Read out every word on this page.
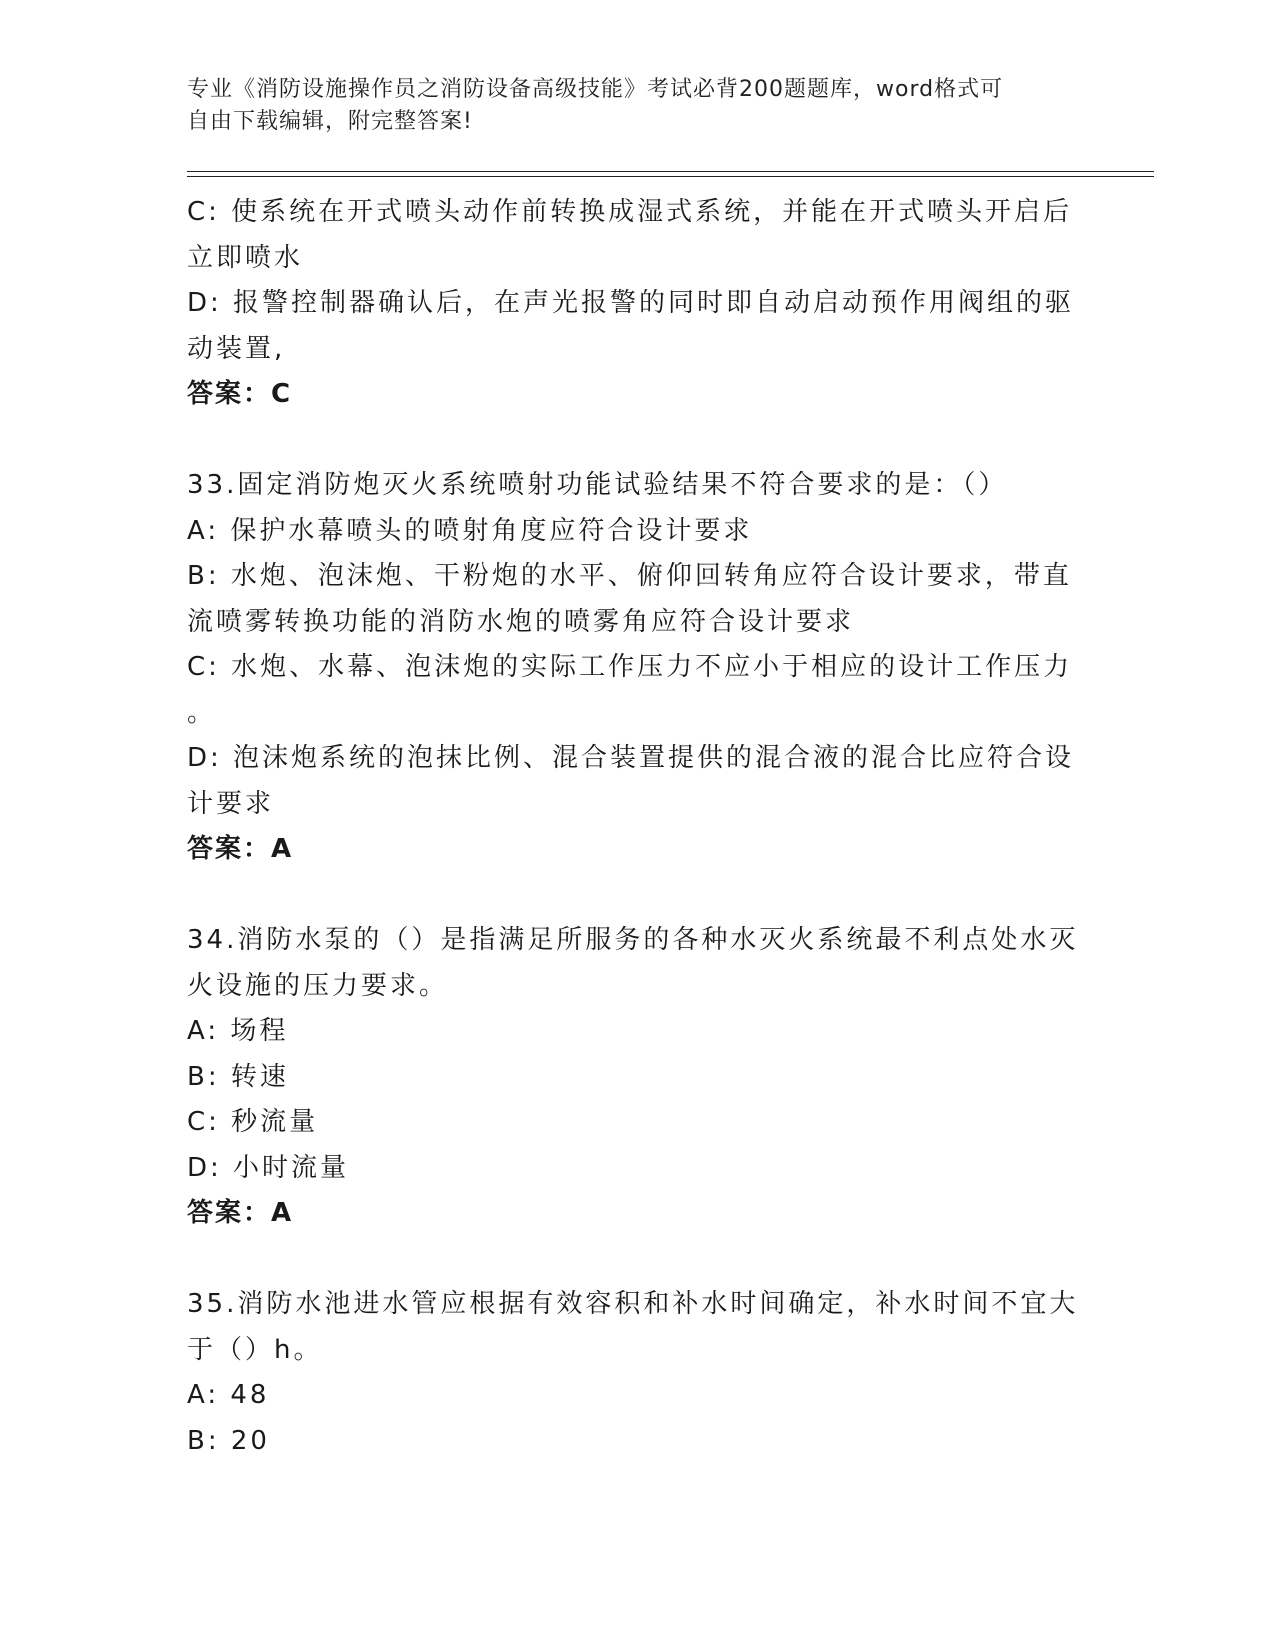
专业《消防设施操作员之消防设备高级技能》考试必背200题题库，word格式可
自由下载编辑，附完整答案!
C: 使系统在开式喷头动作前转换成湿式系统，并能在开式喷头开启后
立即喷水
D: 报警控制器确认后，在声光报警的同时即自动启动预作用阀组的驱
动装置,
答案：C
33.固定消防炮灭火系统喷射功能试验结果不符合要求的是：（）
A: 保护水幕喷头的喷射角度应符合设计要求
B: 水炮、泡沫炮、干粉炮的水平、俯仰回转角应符合设计要求，带直
流喷雾转换功能的消防水炮的喷雾角应符合设计要求
C: 水炮、水幕、泡沫炮的实际工作压力不应小于相应的设计工作压力
。
D: 泡沫炮系统的泡抹比例、混合装置提供的混合液的混合比应符合设
计要求
答案：A
34.消防水泵的（）是指满足所服务的各种水灭火系统最不利点处水灭
火设施的压力要求。
A: 场程
B: 转速
C: 秒流量
D: 小时流量
答案：A
35.消防水池进水管应根据有效容积和补水时间确定，补水时间不宜大
于（）h。
A: 48
B: 20
